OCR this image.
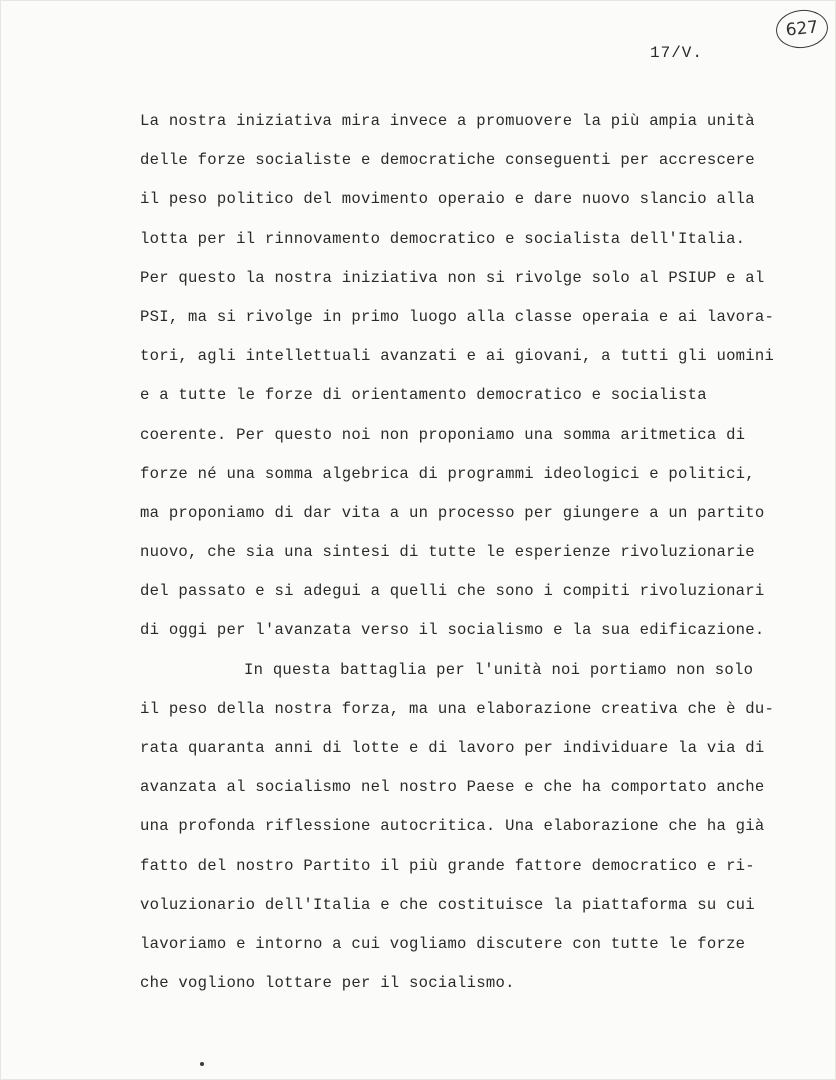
627
17/V.
La nostra iniziativa mira invece a promuovere la più ampia unità
delle forze socialiste e democratiche conseguenti per accrescere
il peso politico del movimento operaio e dare nuovo slancio alla
lotta per il rinnovamento democratico e socialista dell'Italia.
Per questo la nostra iniziativa non si rivolge solo al PSIUP e al
PSI, ma si rivolge in primo luogo alla classe operaia e ai lavora-
tori, agli intellettuali avanzati e ai giovani, a tutti gli uomini
e a tutte le forze di orientamento democratico e socialista
coerente. Per questo noi non proponiamo una somma aritmetica di
forze né una somma algebrica di programmi ideologici e politici,
ma proponiamo di dar vita a un processo per giungere a un partito
nuovo, che sia una sintesi di tutte le esperienze rivoluzionarie
del passato e si adegui a quelli che sono i compiti rivoluzionari
di oggi per l'avanzata verso il socialismo e la sua edificazione.
In questa battaglia per l'unità noi portiamo non solo
il peso della nostra forza, ma una elaborazione creativa che è du-
rata quaranta anni di lotte e di lavoro per individuare la via di
avanzata al socialismo nel nostro Paese e che ha comportato anche
una profonda riflessione autocritica. Una elaborazione che ha già
fatto del nostro Partito il più grande fattore democratico e ri-
voluzionario dell'Italia e che costituisce la piattaforma su cui
lavoriamo e intorno a cui vogliamo discutere con tutte le forze
che vogliono lottare per il socialismo.
